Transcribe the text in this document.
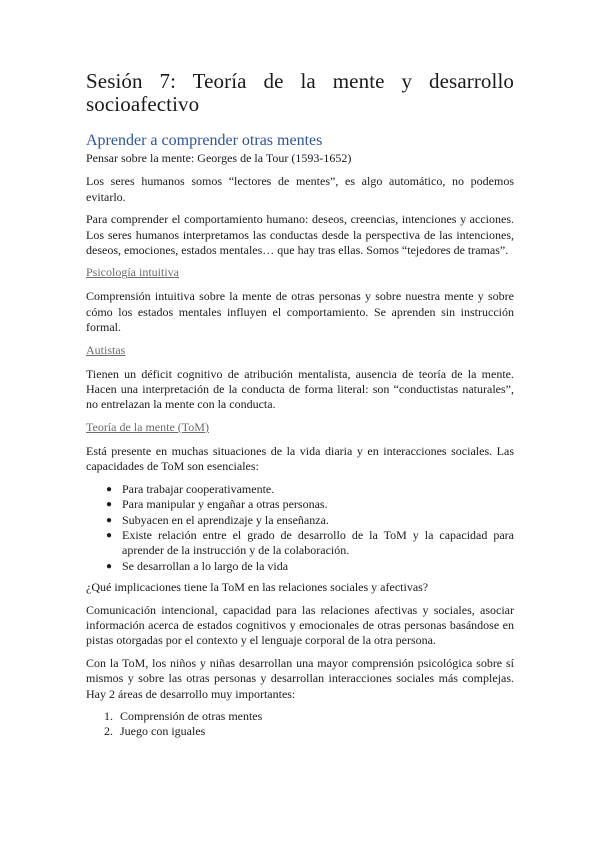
Sesión 7: Teoría de la mente y desarrollo socioafectivo
Aprender a comprender otras mentes

Pensar sobre la mente: Georges de la Tour (1593-1652)

Los seres humanos somos “lectores de mentes”, es algo automático, no podemos evitarlo.

Para comprender el comportamiento humano: deseos, creencias, intenciones y acciones. Los seres humanos interpretamos las conductas desde la perspectiva de las intenciones, deseos, emociones, estados mentales… que hay tras ellas. Somos “tejedores de tramas”.

Psicología intuitiva

Comprensión intuitiva sobre la mente de otras personas y sobre nuestra mente y sobre cómo los estados mentales influyen el comportamiento. Se aprenden sin instrucción formal.

Autistas

Tienen un déficit cognitivo de atribución mentalista, ausencia de teoría de la mente. Hacen una interpretación de la conducta de forma literal: son “conductistas naturales”, no entrelazan la mente con la conducta.

Teoría de la mente (ToM)

Está presente en muchas situaciones de la vida diaria y en interacciones sociales. Las capacidades de ToM son esenciales:

● Para trabajar cooperativamente.
● Para manipular y engañar a otras personas.
● Subyacen en el aprendizaje y la enseñanza.
● Existe relación entre el grado de desarrollo de la ToM y la capacidad para aprender de la instrucción y de la colaboración.
● Se desarrollan a lo largo de la vida

¿Qué implicaciones tiene la ToM en las relaciones sociales y afectivas?

Comunicación intencional, capacidad para las relaciones afectivas y sociales, asociar información acerca de estados cognitivos y emocionales de otras personas basándose en pistas otorgadas por el contexto y el lenguaje corporal de la otra persona.

Con la ToM, los niños y niñas desarrollan una mayor comprensión psicológica sobre sí mismos y sobre las otras personas y desarrollan interacciones sociales más complejas. Hay 2 áreas de desarrollo muy importantes:

1. Comprensión de otras mentes
2. Juego con iguales
